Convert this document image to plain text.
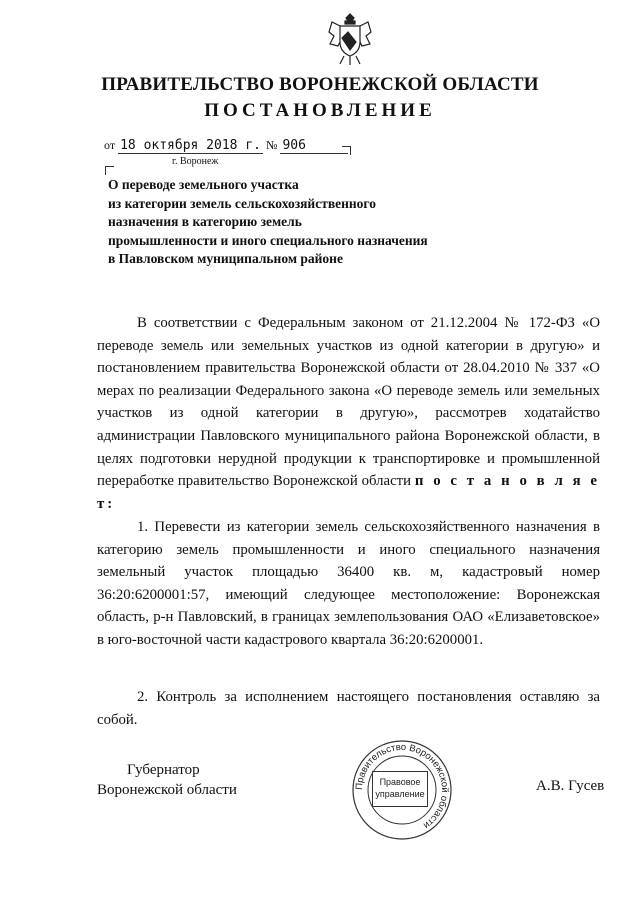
ПРАВИТЕЛЬСТВО ВОРОНЕЖСКОЙ ОБЛАСТИ
ПОСТАНОВЛЕНИЕ
от 18 октября 2018 г. № 906
г. Воронеж
О переводе земельного участка
из категории земель сельскохозяйственного
назначения в категорию земель
промышленности и иного специального назначения
в Павловском муниципальном районе
В соответствии с Федеральным законом от 21.12.2004 № 172-ФЗ «О переводе земель или земельных участков из одной категории в другую» и постановлением правительства Воронежской области от 28.04.2010 № 337 «О мерах по реализации Федерального закона «О переводе земель или земельных участков из одной категории в другую», рассмотрев ходатайство администрации Павловского муниципального района Воронежской области, в целях подготовки нерудной продукции к транспортировке и промышленной переработке правительство Воронежской области п о с т а н о в л я е т:
1. Перевести из категории земель сельскохозяйственного назначения в категорию земель промышленности и иного специального назначения земельный участок площадью 36400 кв. м, кадастровый номер 36:20:6200001:57, имеющий следующее местоположение: Воронежская область, р-н Павловский, в границах землепользования ОАО «Елизаветовское» в юго-восточной части кадастрового квартала 36:20:6200001.
2. Контроль за исполнением настоящего постановления оставляю за собой.
Губернатор
Воронежской области	Правительство Воронежской области
Правовое
управление	А.В. Гусев
